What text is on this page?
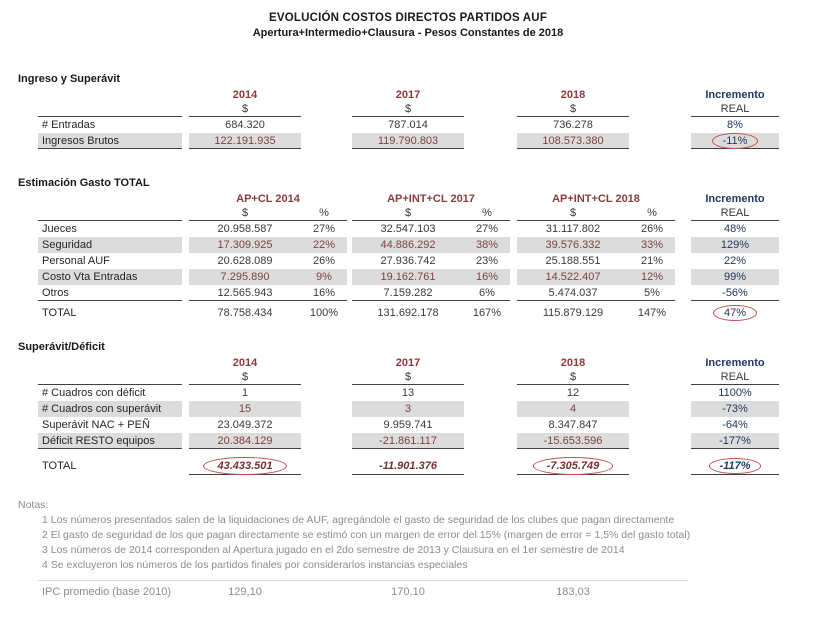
EVOLUCIÓN COSTOS DIRECTOS PARTIDOS AUF
Apertura+Intermedio+Clausura - Pesos Constantes de 2018
Ingreso y Superávit
2014	2017	2018	Incremento
$	$	$	REAL
# Entradas	684.320	787.014	736.278	8%
Ingresos Brutos	122.191.935	119.790.803	108.573.380	-11%
Estimación Gasto TOTAL
AP+CL 2014	AP+INT+CL 2017	AP+INT+CL 2018	Incremento
$	%	$	%	$	%	REAL
Jueces	20.958.587	27%	32.547.103	27%	31.117.802	26%	48%
Seguridad	17.309.925	22%	44.886.292	38%	39.576.332	33%	129%
Personal AUF	20.628.089	26%	27.936.742	23%	25.188.551	21%	22%
Costo Vta Entradas	7.295.890	9%	19.162.761	16%	14.522.407	12%	99%
Otros	12.565.943	16%	7.159.282	6%	5.474.037	5%	-56%
TOTAL	78.758.434	100%	131.692.178	167%	115.879.129	147%	47%
Superávit/Déficit
2014	2017	2018	Incremento
$	$	$	REAL
# Cuadros con déficit	1	13	12	1100%
# Cuadros con superávit	15	3	4	-73%
Superávit NAC + PEÑ	23.049.372	9.959.741	8.347.847	-64%
Déficit RESTO equipos	20.384.129	-21.861.117	-15.653.596	-177%
TOTAL	43.433.501	-11.901.376	-7.305.749	-117%
Notas:
1 Los números presentados salen de la liquidaciones de AUF, agregándole el gasto de seguridad de los clubes que pagan directamente
2 El gasto de seguridad de los que pagan directamente se estimó con un margen de error del 15% (margen de error = 1,5% del gasto total)
3 Los números de 2014 corresponden al Apertura jugado en el 2do semestre de 2013 y Clausura en el 1er semestre de 2014
4 Se excluyeron los números de los partidos finales por considerarlos instancias especiales
IPC promedio (base 2010)	129,10	170,10	183,03
